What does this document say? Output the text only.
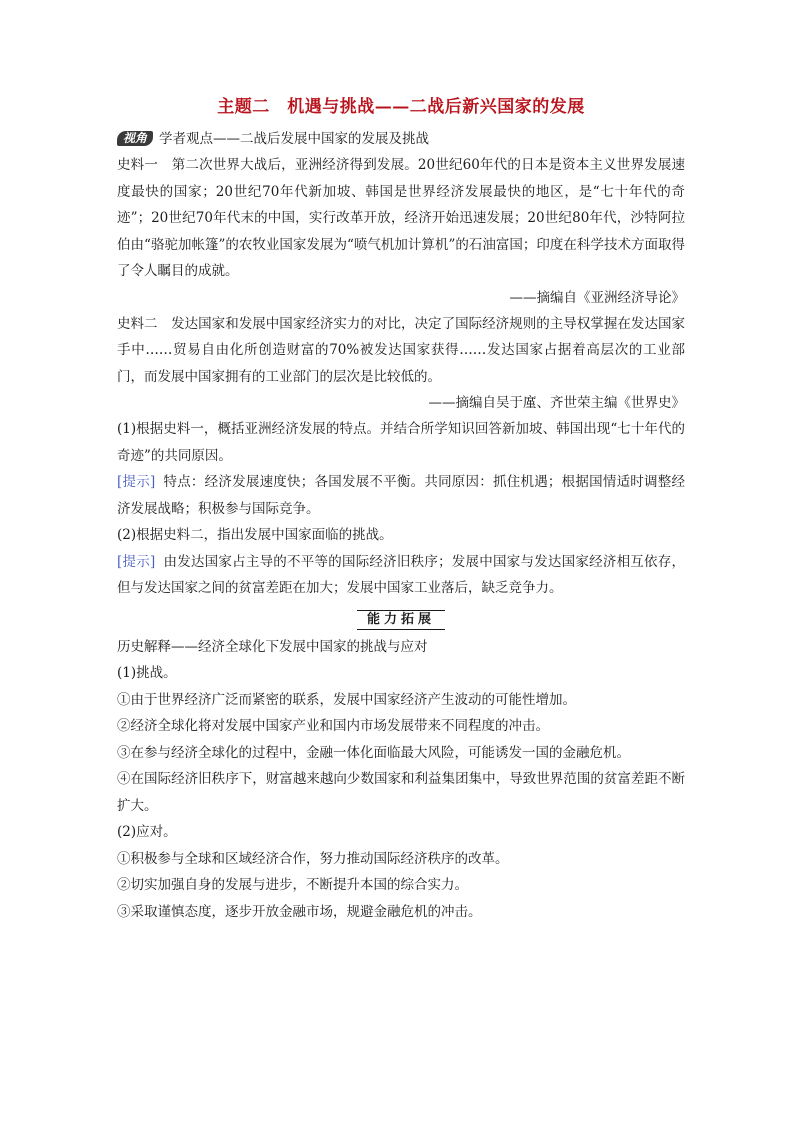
主题二　机遇与挑战——二战后新兴国家的发展

视角 学者观点——二战后发展中国家的发展及挑战

史料一　第二次世界大战后，亚洲经济得到发展。20世纪60年代的日本是资本主义世界发展速度最快的国家；20世纪70年代新加坡、韩国是世界经济发展最快的地区，是“七十年代的奇迹”；20世纪70年代末的中国，实行改革开放，经济开始迅速发展；20世纪80年代，沙特阿拉伯由“骆驼加帐篷”的农牧业国家发展为“喷气机加计算机”的石油富国；印度在科学技术方面取得了令人瞩目的成就。

——摘编自《亚洲经济导论》

史料二　发达国家和发展中国家经济实力的对比，决定了国际经济规则的主导权掌握在发达国家手中……贸易自由化所创造财富的70%被发达国家获得……发达国家占据着高层次的工业部门，而发展中国家拥有的工业部门的层次是比较低的。

——摘编自吴于廑、齐世荣主编《世界史》

(1)根据史料一，概括亚洲经济发展的特点。并结合所学知识回答新加坡、韩国出现“七十年代的奇迹”的共同原因。

[提示] 特点：经济发展速度快；各国发展不平衡。共同原因：抓住机遇；根据国情适时调整经济发展战略；积极参与国际竞争。

(2)根据史料二，指出发展中国家面临的挑战。

[提示] 由发达国家占主导的不平等的国际经济旧秩序；发展中国家与发达国家经济相互依存，但与发达国家之间的贫富差距在加大；发展中国家工业落后，缺乏竞争力。

能力拓展

历史解释——经济全球化下发展中国家的挑战与应对

(1)挑战。

①由于世界经济广泛而紧密的联系，发展中国家经济产生波动的可能性增加。

②经济全球化将对发展中国家产业和国内市场发展带来不同程度的冲击。

③在参与经济全球化的过程中，金融一体化面临最大风险，可能诱发一国的金融危机。

④在国际经济旧秩序下，财富越来越向少数国家和利益集团集中，导致世界范围的贫富差距不断扩大。

(2)应对。

①积极参与全球和区域经济合作，努力推动国际经济秩序的改革。

②切实加强自身的发展与进步，不断提升本国的综合实力。

③采取谨慎态度，逐步开放金融市场，规避金融危机的冲击。
